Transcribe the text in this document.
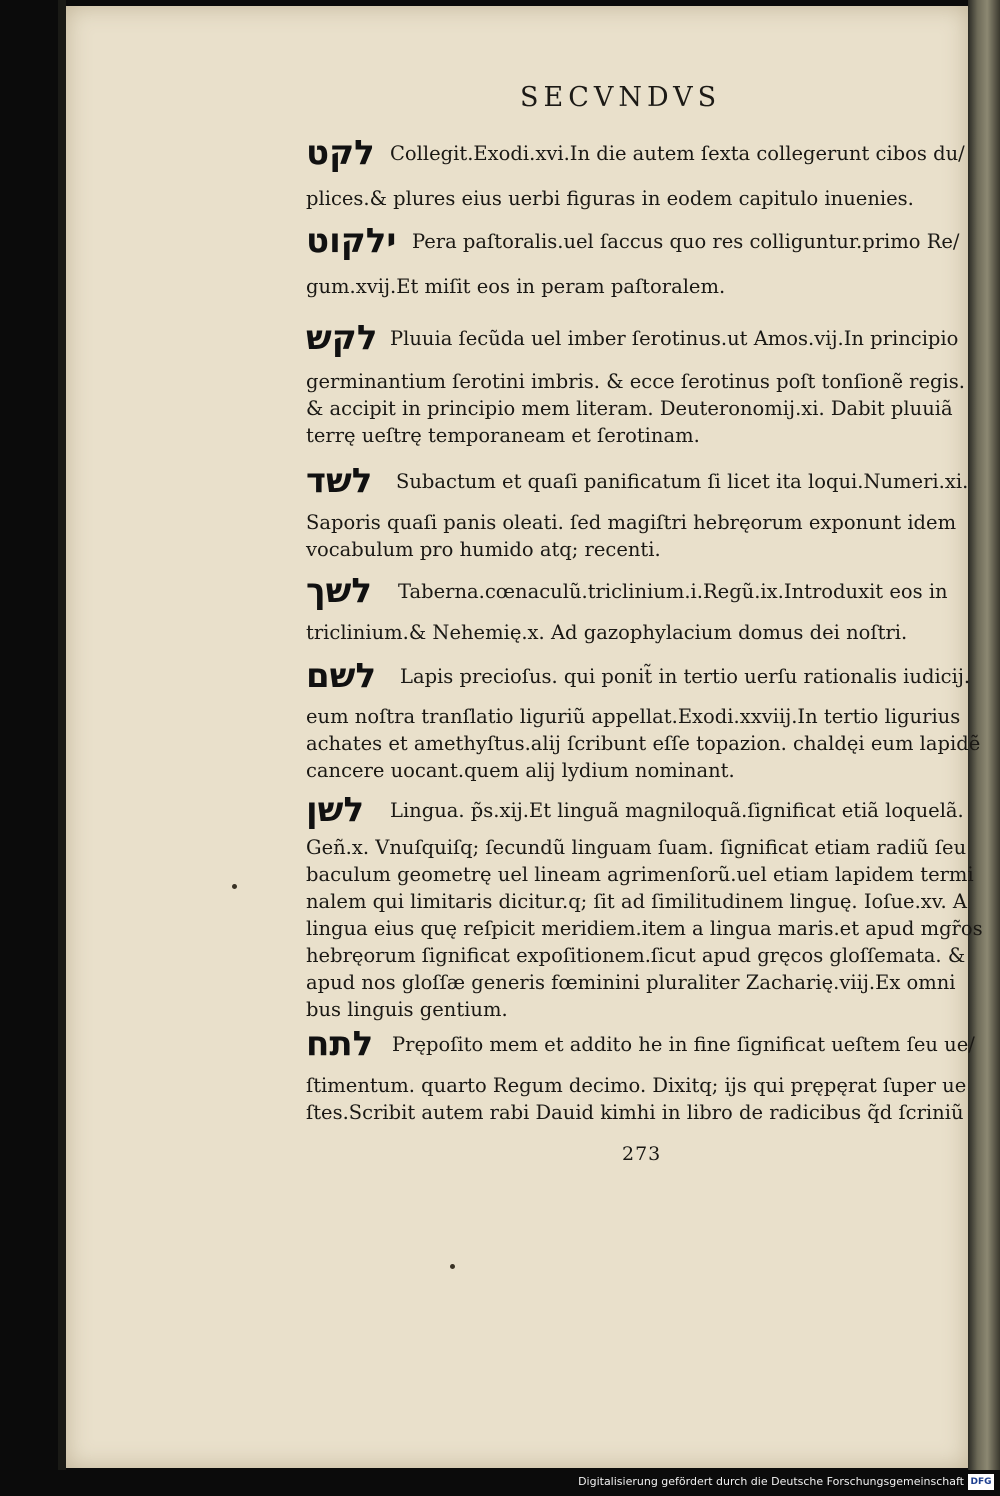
SECVNDVS
לקט Collegit.Exodi.xvi.In die autem ſexta collegerunt cibos du/
plices.& plures eius uerbi figuras in eodem capitulo inuenies.
ילקוט Pera paſtoralis.uel ſaccus quo res colliguntur.primo Re/
gum.xvij.Et miſit eos in peram paſtoralem.
לקש Pluuia ſecũda uel imber ſerotinus.ut Amos.vij.In principio
germinantium ſerotini imbris. & ecce ſerotinus poſt tonſionẽ regis.
& accipit in principio mem literam. Deuteronomij.xi. Dabit pluuiã
terrę ueſtrę temporaneam et ſerotinam.
לשד Subactum et quaſi panificatum ſi licet ita loqui.Numeri.xi.
Saporis quaſi panis oleati. ſed magiſtri hebręorum exponunt idem
vocabulum pro humido atq; recenti.
לשך Taberna.cœnaculũ.triclinium.i.Regũ.ix.Introduxit eos in
triclinium.& Nehemię.x. Ad gazophylacium domus dei noſtri.
לשם Lapis precioſus. qui ponit̃ in tertio uerſu rationalis iudicij.
eum noſtra tranſlatio liguriũ appellat.Exodi.xxviij.In tertio ligurius
achates et amethyſtus.alij ſcribunt eſſe topazion. chaldęi eum lapidẽ
cancere uocant.quem alij lydium nominant.
לשן Lingua. p̃s.xij.Et linguã magniloquã.ſignificat etiã loquelã.
Geñ.x. Vnuſquiſq; ſecundũ linguam ſuam. ſignificat etiam radiũ ſeu
baculum geometrę uel lineam agrimenſorũ.uel etiam lapidem termi
nalem qui limitaris dicitur.q; ſit ad ſimilitudinem linguę. Ioſue.xv. A
lingua eius quę reſpicit meridiem.item a lingua maris.et apud mgr̃os
hebręorum ſignificat expoſitionem.ſicut apud gręcos gloſſemata. &
apud nos gloſſæ generis fœminini pluraliter Zacharię.viij.Ex omni
bus linguis gentium.
לתח Prępoſito mem et addito he in fine ſignificat ueſtem ſeu ue/
ſtimentum. quarto Regum decimo. Dixitq; ijs qui prępęrat ſuper ue
ſtes.Scribit autem rabi Dauid kimhi in libro de radicibus q̃d ſcriniũ
273
Digitalisierung gefördert durch die Deutsche Forschungsgemeinschaft DFG
